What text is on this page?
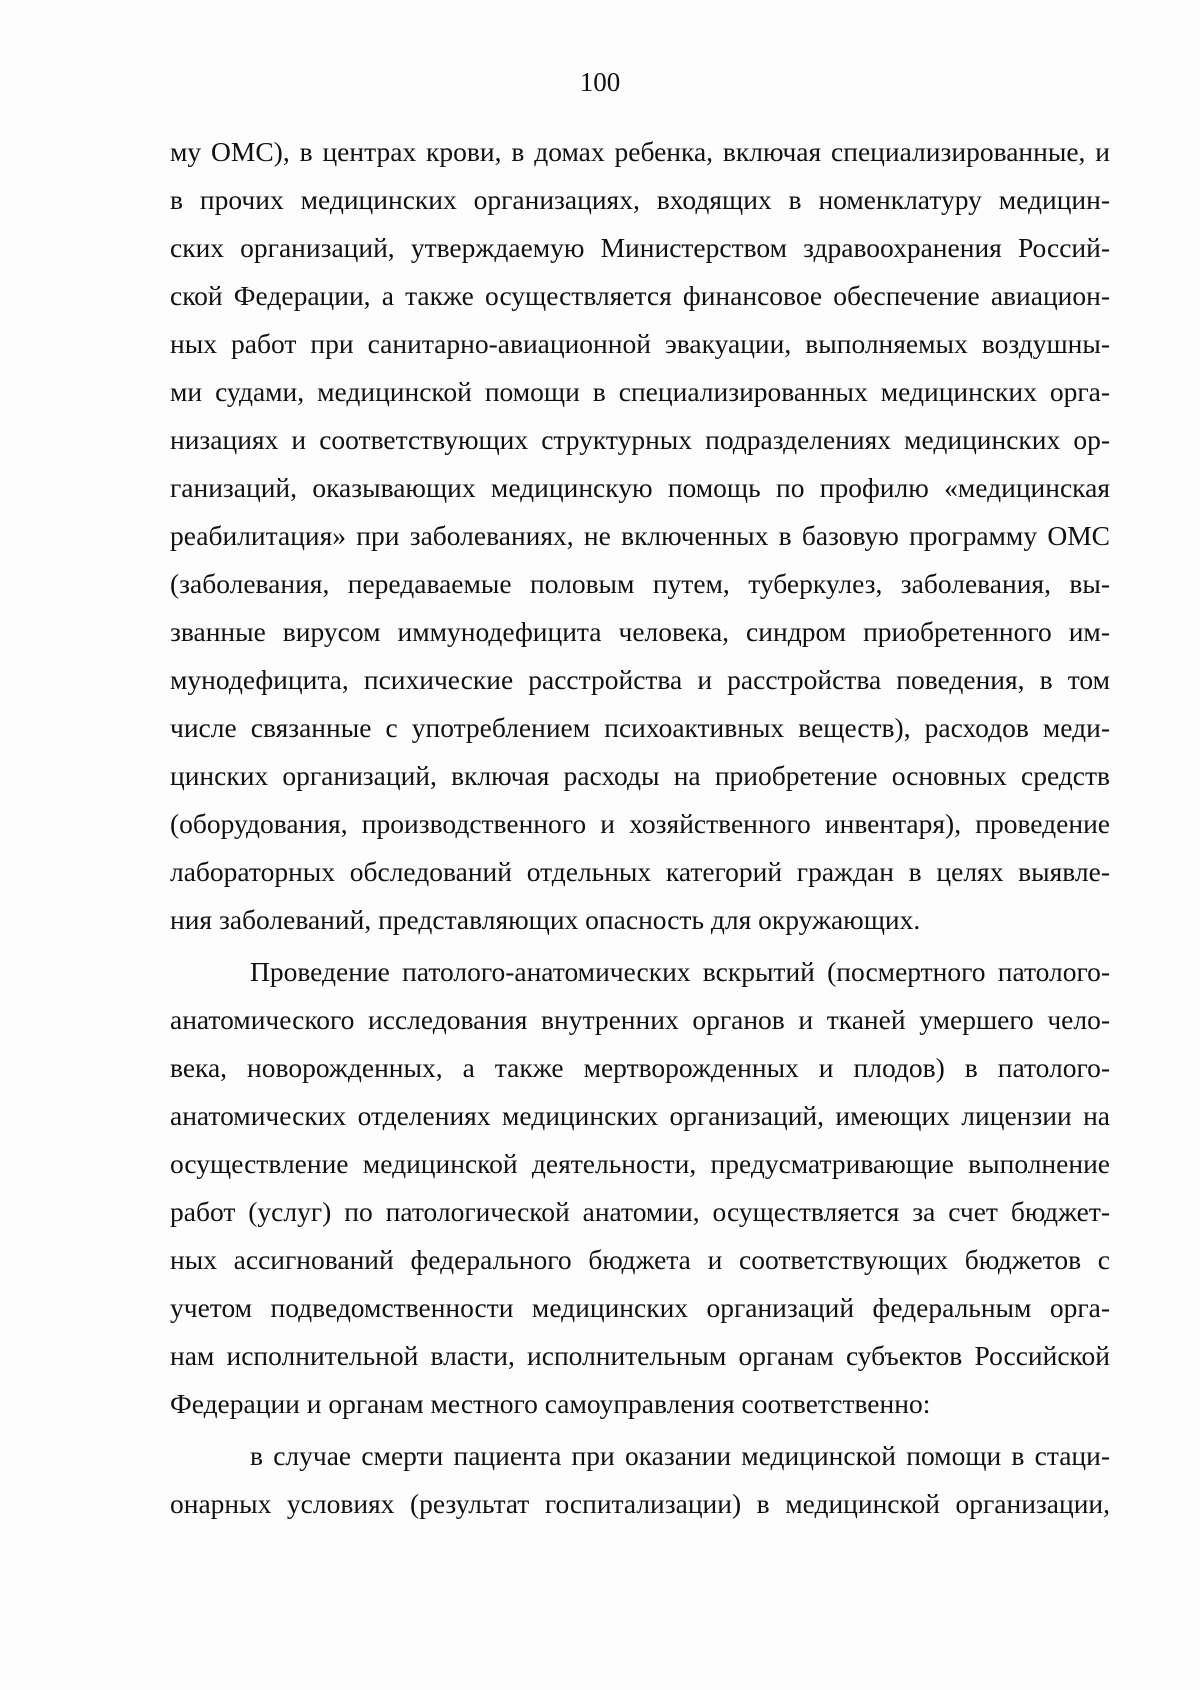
100
му ОМС), в центрах крови, в домах ребенка, включая специализированные, и
в прочих медицинских организациях, входящих в номенклатуру медицин-
ских организаций, утверждаемую Министерством здравоохранения Россий-
ской Федерации, а также осуществляется финансовое обеспечение авиацион-
ных работ при санитарно-авиационной эвакуации, выполняемых воздушны-
ми судами, медицинской помощи в специализированных медицинских орга-
низациях и соответствующих структурных подразделениях медицинских ор-
ганизаций, оказывающих медицинскую помощь по профилю «медицинская
реабилитация» при заболеваниях, не включенных в базовую программу ОМС
(заболевания, передаваемые половым путем, туберкулез, заболевания, вы-
званные вирусом иммунодефицита человека, синдром приобретенного им-
мунодефицита, психические расстройства и расстройства поведения, в том
числе связанные с употреблением психоактивных веществ), расходов меди-
цинских организаций, включая расходы на приобретение основных средств
(оборудования, производственного и хозяйственного инвентаря), проведение
лабораторных обследований отдельных категорий граждан в целях выявле-
ния заболеваний, представляющих опасность для окружающих.
Проведение патолого-анатомических вскрытий (посмертного патолого-
анатомического исследования внутренних органов и тканей умершего чело-
века, новорожденных, а также мертворожденных и плодов) в патолого-
анатомических отделениях медицинских организаций, имеющих лицензии на
осуществление медицинской деятельности, предусматривающие выполнение
работ (услуг) по патологической анатомии, осуществляется за счет бюджет-
ных ассигнований федерального бюджета и соответствующих бюджетов с
учетом подведомственности медицинских организаций федеральным орга-
нам исполнительной власти, исполнительным органам субъектов Российской
Федерации и органам местного самоуправления соответственно:
в случае смерти пациента при оказании медицинской помощи в стаци-
онарных условиях (результат госпитализации) в медицинской организации,
